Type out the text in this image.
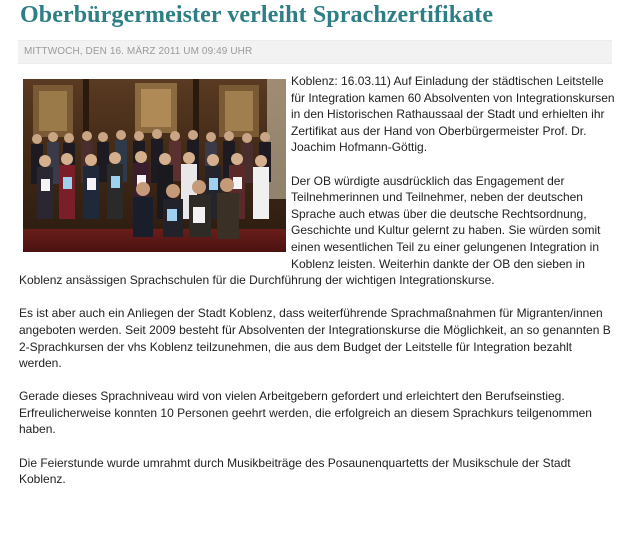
Oberbürgermeister verleiht Sprachzertifikate
MITTWOCH, DEN 16. MÄRZ 2011 UM 09:49 UHR

Koblenz: 16.03.11) Auf Einladung der städtischen Leitstelle für Integration kamen 60 Absolventen von Integrationskursen in den Historischen Rathaussaal der Stadt und erhielten ihr Zertifikat aus der Hand von Oberbürgermeister Prof. Dr. Joachim Hofmann-Göttig.

Der OB würdigte ausdrücklich das Engagement der Teilnehmerinnen und Teilnehmer, neben der deutschen Sprache auch etwas über die deutsche Rechtsordnung, Geschichte und Kultur gelernt zu haben. Sie würden somit einen wesentlichen Teil zu einer gelungenen Integration in Koblenz leisten. Weiterhin dankte der OB den sieben in Koblenz ansässigen Sprachschulen für die Durchführung der wichtigen Integrationskurse.

Es ist aber auch ein Anliegen der Stadt Koblenz, dass weiterführende Sprachmaßnahmen für Migranten/innen angeboten werden. Seit 2009 besteht für Absolventen der Integrationskurse die Möglichkeit, an so genannten B 2-Sprachkursen der vhs Koblenz teilzunehmen, die aus dem Budget der Leitstelle für Integration bezahlt werden.

Gerade dieses Sprachniveau wird von vielen Arbeitgebern gefordert und erleichtert den Berufseinstieg. Erfreulicherweise konnten 10 Personen geehrt werden, die erfolgreich an diesem Sprachkurs teilgenommen haben.

Die Feierstunde wurde umrahmt durch Musikbeiträge des Posaunenquartetts der Musikschule der Stadt Koblenz.
